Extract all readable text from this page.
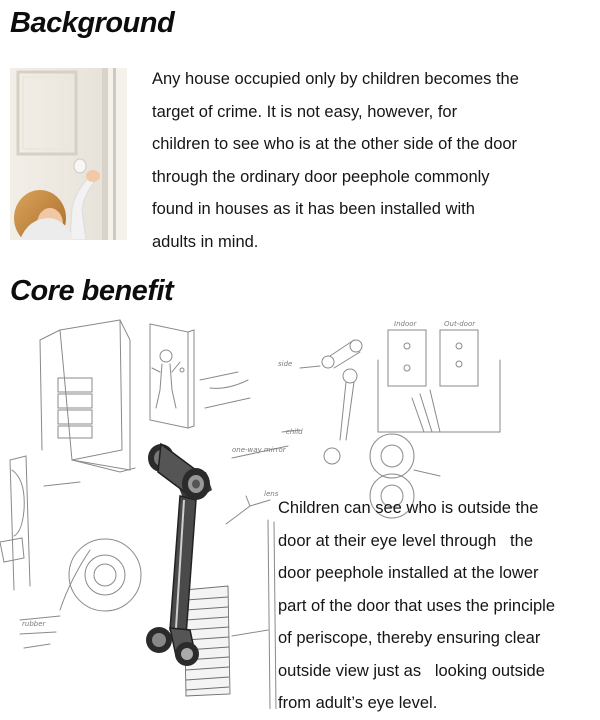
Background

Any house occupied only by children becomes the
target of crime. It is not easy, however, for
children to see who is at the other side of the door
through the ordinary door peephole commonly
found in houses as it has been installed with
adults in mind.

Core benefit
Indoor	Out-door
side
child
one-way mirror
lens
rubber

Children can see who is outside the
door at their eye level through   the
door peephole installed at the lower
part of the door that uses the principle
of periscope, thereby ensuring clear
outside view just as   looking outside
from adult’s eye level.
